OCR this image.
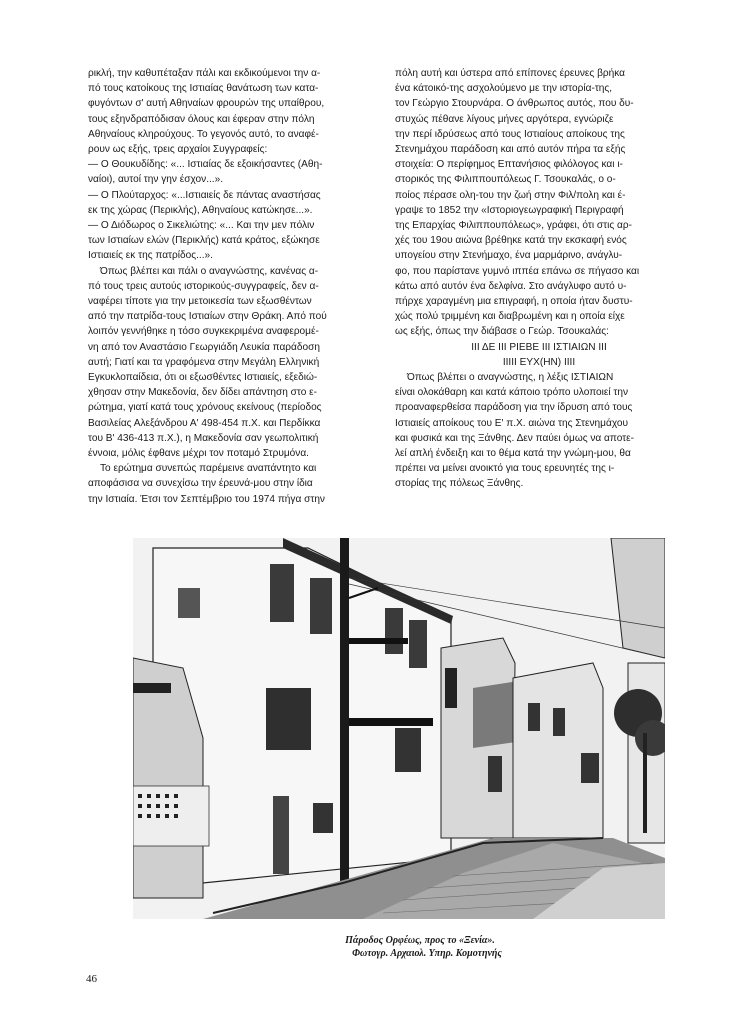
ρικλή, την καθυπέταξαν πάλι και εκδικούμενοι την α-

πό τους κατοίκους της Ιστιαίας θανάτωση των κατα-

φυγόντων σ' αυτή Αθηναίων φρουρών της υπαίθρου,

τους εξηνδραπόδισαν όλους και έφεραν στην πόλη

Αθηναίους κληρούχους. Το γεγονός αυτό, το αναφέ-

ρουν ως εξής, τρεις αρχαίοι Συγγραφείς:

— Ο Θουκυδίδης: «... Ιστιαίας δε εξοικήσαντες (Αθη-

ναίοι), αυτοί την γην έσχον...».

— Ο Πλούταρχος: «...Ιστιαιείς δε πάντας αναστήσας

εκ της χώρας (Περικλής), Αθηναίους κατώκησε...».

— Ο Διόδωρος ο Σικελιώτης: «... Και την μεν πόλιν

των Ιστιαίων ελών (Περικλής) κατά κράτος, εξώκησε

Ιστιαιείς εκ της πατρίδος...».

Όπως βλέπει και πάλι ο αναγνώστης, κανένας α-

πό τους τρεις αυτούς ιστορικούς-συγγραφείς, δεν α-

ναφέρει τίποτε για την μετοικεσία των εξωσθέντων

από την πατρίδα-τους Ιστιαίων στην Θράκη. Από πού

λοιπόν γεννήθηκε η τόσο συγκεκριμένα αναφερομέ-

νη από τον Αναστάσιο Γεωργιάδη Λευκία παράδοση

αυτή; Γιατί και τα γραφόμενα στην Μεγάλη Ελληνική

Εγκυκλοπαίδεια, ότι οι εξωσθέντες Ιστιαιείς, εξεδιώ-

χθησαν στην Μακεδονία, δεν δίδει απάντηση στο ε-

ρώτημα, γιατί κατά τους χρόνους εκείνους (περίοδος

Βασιλείας Αλεξάνδρου Α' 498-454 π.Χ. και Περδίκκα

του Β' 436-413 π.Χ.), η Μακεδονία σαν γεωπολιτική

έννοια, μόλις έφθανε μέχρι τον ποταμό Στρυμόνα.

Το ερώτημα συνεπώς παρέμεινε αναπάντητο και

αποφάσισα να συνεχίσω την έρευνά-μου στην ίδια

την Ιστιαία. Έτσι τον Σεπτέμβριο του 1974 πήγα στην

πόλη αυτή και ύστερα από επίπονες έρευνες βρήκα

ένα κάτοικό-της ασχολούμενο με την ιστορία-της,

τον Γεώργιο Στουρνάρα. Ο άνθρωπος αυτός, που δυ-

στυχώς πέθανε λίγους μήνες αργότερα, εγνώριζε

την περί ιδρύσεως από τους Ιστιαίους αποίκους της

Στενημάχου παράδοση και από αυτόν πήρα τα εξής

στοιχεία: Ο περίφημος Επτανήσιος φιλόλογος και ι-

στορικός της Φιλιππουπόλεως Γ. Τσουκαλάς, ο ο-

ποίος πέρασε ολη-του την ζωή στην Φιλ/πολη και έ-

γραψε το 1852 την «Ιστοριογεωγραφική Περιγραφή

της Επαρχίας Φιλιππουπόλεως», γράφει, ότι στις αρ-

χές του 19ου αιώνα βρέθηκε κατά την εκσκαφή ενός

υπογείου στην Στενήμαχο, ένα μαρμάρινο, ανάγλυ-

φο, που παρίστανε γυμνό ιππέα επάνω σε πήγασο και

κάτω από αυτόν ένα δελφίνα. Στο ανάγλυφο αυτό υ-

πήρχε χαραγμένη μια επιγραφή, η οποία ήταν δυστυ-

χώς πολύ τριμμένη και διαβρωμένη και η οποία είχε

ως εξής, όπως την διάβασε ο Γεώρ. Τσουκαλάς:

ΙΙΙ ΔΕ ΙΙΙ ΡΙΕΒΕ ΙΙΙ ΙΣΤΙΑΙΩΝ ΙΙΙ

ΙΙΙΙΙ ΕΥΧ(ΗΝ) ΙΙΙΙ

Όπως βλέπει ο αναγνώστης, η λέξις ΙΣΤΙΑΙΩΝ

είναι ολοκάθαρη και κατά κάποιο τρόπο υλοποιεί την

προαναφερθείσα παράδοση για την ίδρυση από τους

Ιστιαιείς αποίκους του Ε' π.Χ. αιώνα της Στενημάχου

και φυσικά και της Ξάνθης. Δεν παύει όμως να αποτε-

λεί απλή ένδειξη και το θέμα κατά την γνώμη-μου, θα

πρέπει να μείνει ανοικτό για τους ερευνητές της ι-

στορίας της πόλεως Ξάνθης.

Πάροδος Ορφέως, προς το «Ξενία».
Φωτογρ. Αρχαιολ. Υπηρ. Κομοτηνής
46
